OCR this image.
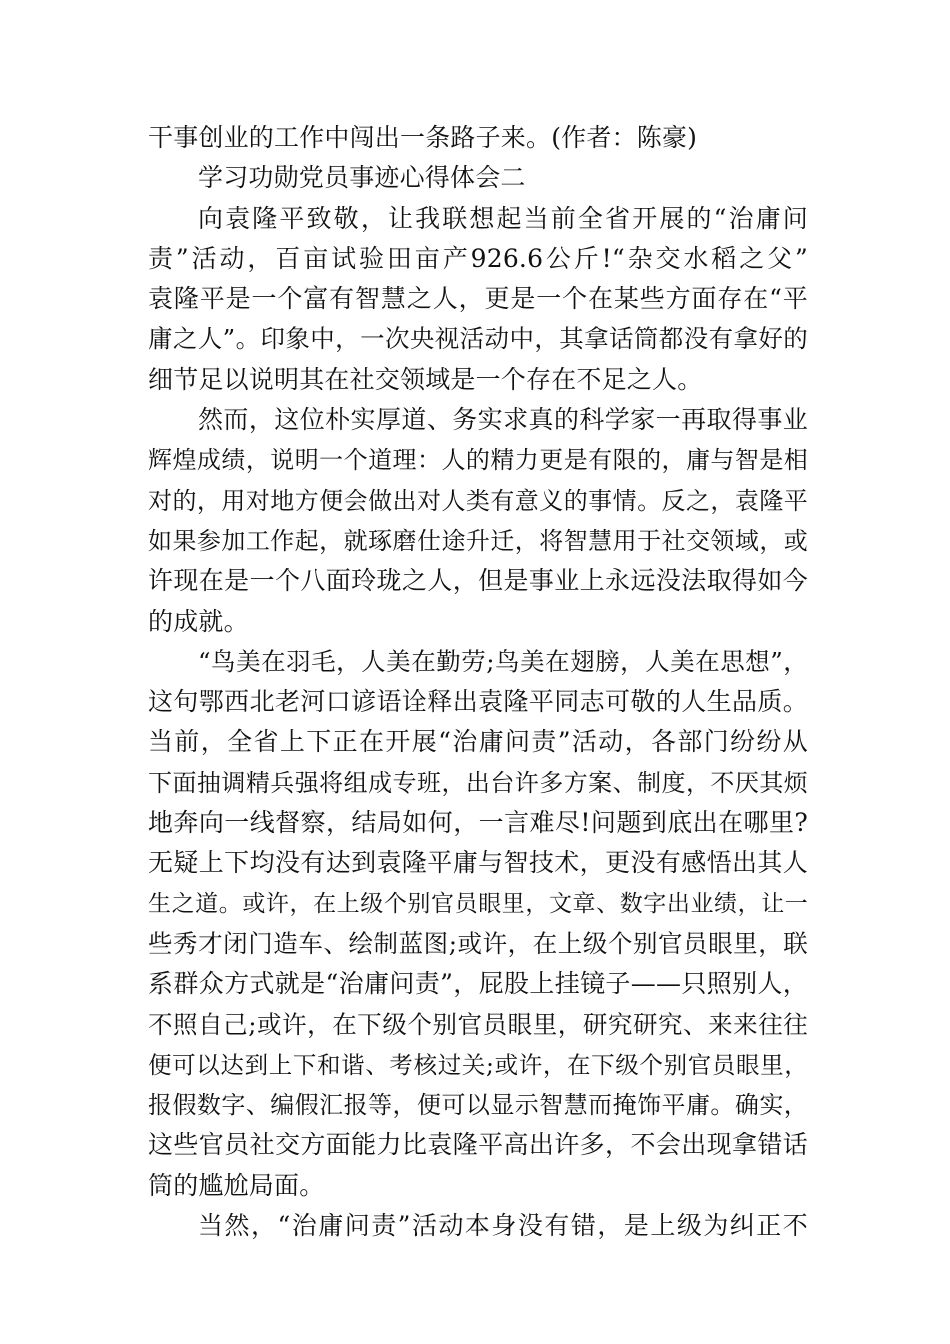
干事创业的工作中闯出一条路子来。(作者：陈豪)
学习功勋党员事迹心得体会二
向袁隆平致敬，让我联想起当前全省开展的“治庸问
责”活动，百亩试验田亩产926.6公斤!“杂交水稻之父”
袁隆平是一个富有智慧之人，更是一个在某些方面存在“平
庸之人”。印象中，一次央视活动中，其拿话筒都没有拿好的
细节足以说明其在社交领域是一个存在不足之人。
然而，这位朴实厚道、务实求真的科学家一再取得事业
辉煌成绩，说明一个道理：人的精力更是有限的，庸与智是相
对的，用对地方便会做出对人类有意义的事情。反之，袁隆平
如果参加工作起，就琢磨仕途升迁，将智慧用于社交领域，或
许现在是一个八面玲珑之人，但是事业上永远没法取得如今
的成就。
“鸟美在羽毛，人美在勤劳;鸟美在翅膀，人美在思想”，
这句鄂西北老河口谚语诠释出袁隆平同志可敬的人生品质。
当前，全省上下正在开展“治庸问责”活动，各部门纷纷从
下面抽调精兵强将组成专班，出台许多方案、制度，不厌其烦
地奔向一线督察，结局如何，一言难尽!问题到底出在哪里?
无疑上下均没有达到袁隆平庸与智技术，更没有感悟出其人
生之道。或许，在上级个别官员眼里，文章、数字出业绩，让一
些秀才闭门造车、绘制蓝图;或许，在上级个别官员眼里，联
系群众方式就是“治庸问责”，屁股上挂镜子——只照别人，
不照自己;或许，在下级个别官员眼里，研究研究、来来往往
便可以达到上下和谐、考核过关;或许，在下级个别官员眼里，
报假数字、编假汇报等，便可以显示智慧而掩饰平庸。确实，
这些官员社交方面能力比袁隆平高出许多，不会出现拿错话
筒的尴尬局面。
当然，“治庸问责”活动本身没有错，是上级为纠正不
